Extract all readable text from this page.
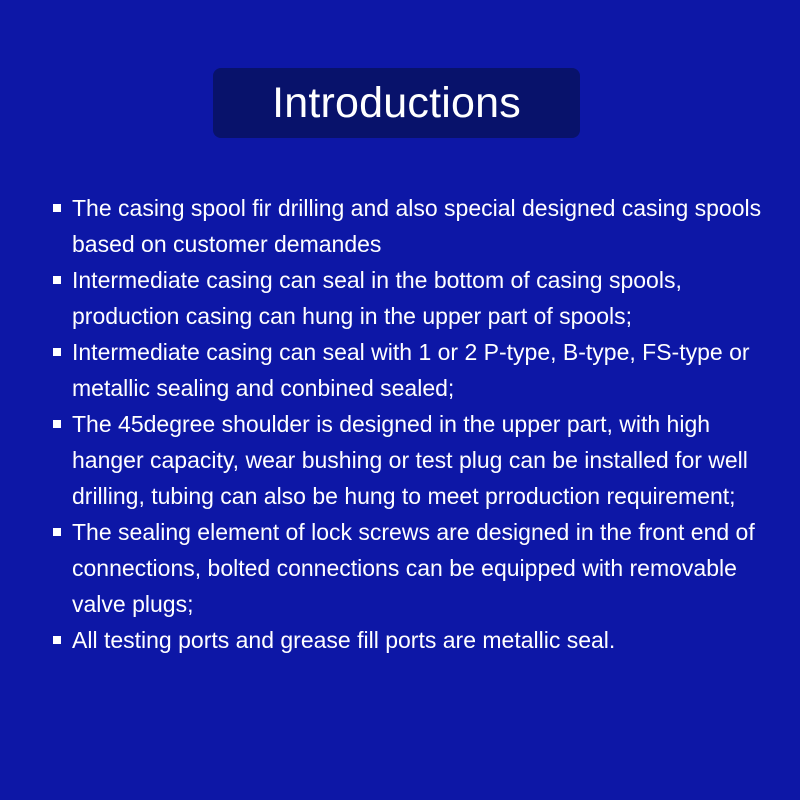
Introductions
The casing spool fir drilling and also special designed casing spools based on customer demandes
Intermediate casing can seal in the bottom of casing spools, production casing can hung in the upper part of spools;
Intermediate casing can seal with 1 or 2 P-type, B-type, FS-type or metallic sealing and conbined sealed;
The 45degree shoulder is designed in the upper part, with high hanger capacity, wear bushing or test plug can be installed for well drilling, tubing can also be hung to meet prroduction requirement;
The sealing element of lock screws are designed in the front end of connections, bolted connections can be equipped with removable valve plugs;
All testing ports and grease fill ports are metallic seal.
